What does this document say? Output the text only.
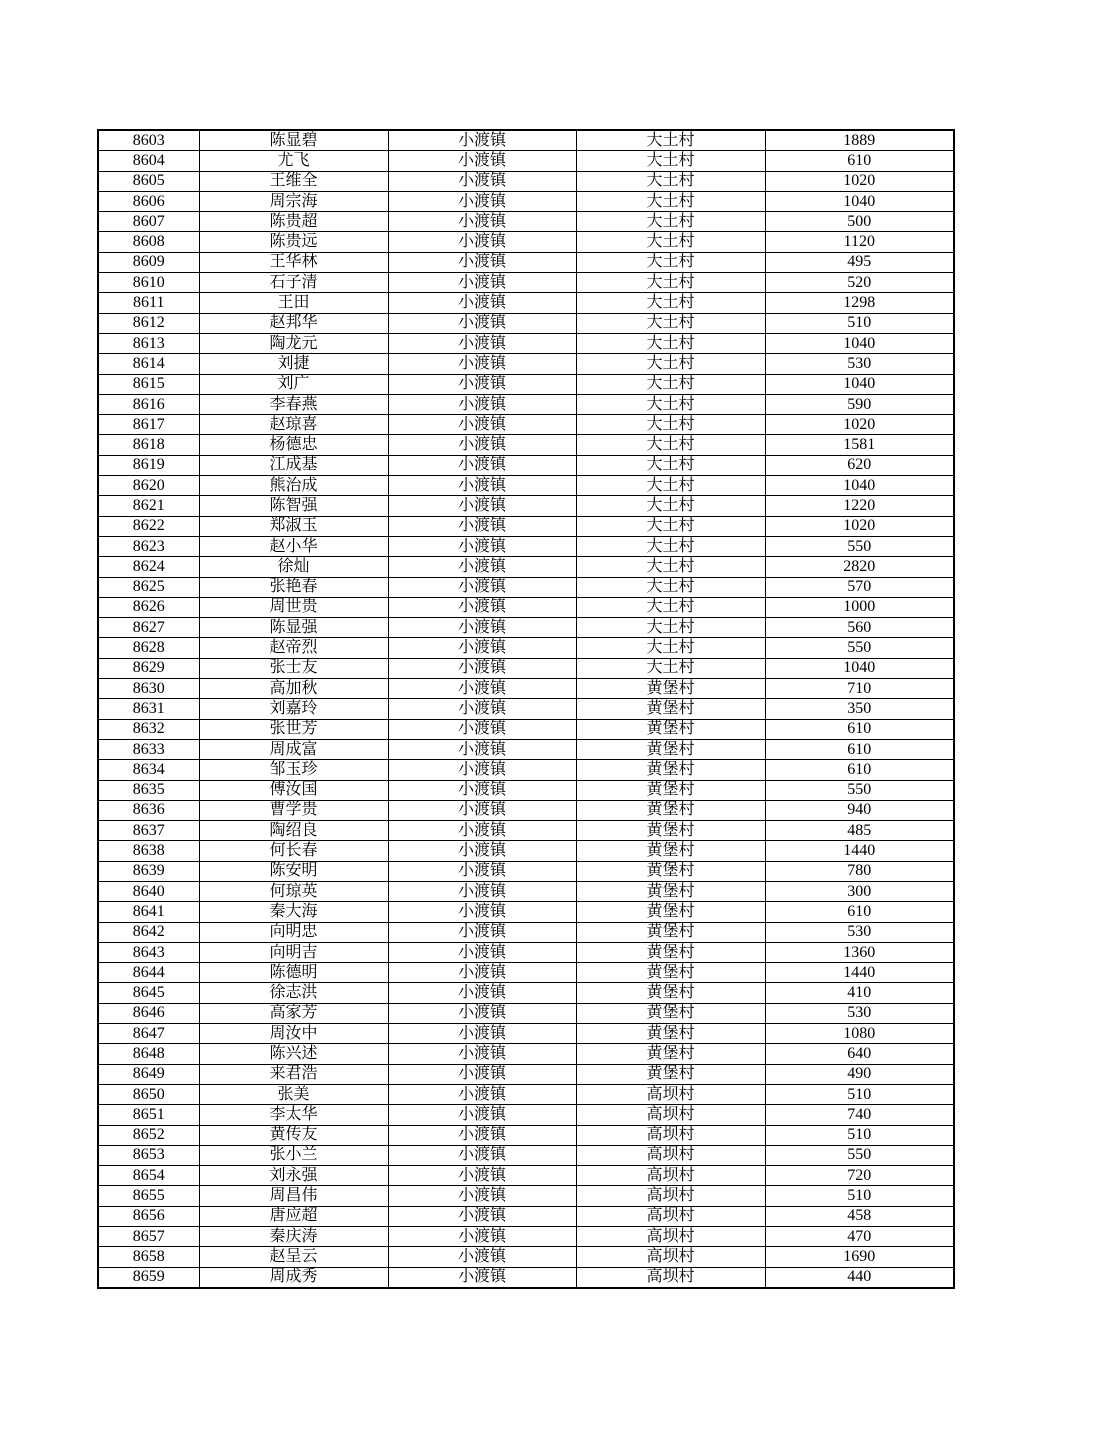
8603	陈显碧	小渡镇	大土村	1889
8604	尤飞	小渡镇	大土村	610
8605	王维全	小渡镇	大土村	1020
8606	周宗海	小渡镇	大土村	1040
8607	陈贵超	小渡镇	大土村	500
8608	陈贵远	小渡镇	大土村	1120
8609	王华林	小渡镇	大土村	495
8610	石子清	小渡镇	大土村	520
8611	王田	小渡镇	大土村	1298
8612	赵邦华	小渡镇	大土村	510
8613	陶龙元	小渡镇	大土村	1040
8614	刘捷	小渡镇	大土村	530
8615	刘广	小渡镇	大土村	1040
8616	李春燕	小渡镇	大土村	590
8617	赵琼喜	小渡镇	大土村	1020
8618	杨德忠	小渡镇	大土村	1581
8619	江成基	小渡镇	大土村	620
8620	熊治成	小渡镇	大土村	1040
8621	陈智强	小渡镇	大土村	1220
8622	郑淑玉	小渡镇	大土村	1020
8623	赵小华	小渡镇	大土村	550
8624	徐灿	小渡镇	大土村	2820
8625	张艳春	小渡镇	大土村	570
8626	周世贵	小渡镇	大土村	1000
8627	陈显强	小渡镇	大土村	560
8628	赵帝烈	小渡镇	大土村	550
8629	张士友	小渡镇	大土村	1040
8630	高加秋	小渡镇	黄堡村	710
8631	刘嘉玲	小渡镇	黄堡村	350
8632	张世芳	小渡镇	黄堡村	610
8633	周成富	小渡镇	黄堡村	610
8634	邹玉珍	小渡镇	黄堡村	610
8635	傅汝国	小渡镇	黄堡村	550
8636	曹学贵	小渡镇	黄堡村	940
8637	陶绍良	小渡镇	黄堡村	485
8638	何长春	小渡镇	黄堡村	1440
8639	陈安明	小渡镇	黄堡村	780
8640	何琼英	小渡镇	黄堡村	300
8641	秦大海	小渡镇	黄堡村	610
8642	向明忠	小渡镇	黄堡村	530
8643	向明吉	小渡镇	黄堡村	1360
8644	陈德明	小渡镇	黄堡村	1440
8645	徐志洪	小渡镇	黄堡村	410
8646	高家芳	小渡镇	黄堡村	530
8647	周汝中	小渡镇	黄堡村	1080
8648	陈兴述	小渡镇	黄堡村	640
8649	来君浩	小渡镇	黄堡村	490
8650	张美	小渡镇	高坝村	510
8651	李太华	小渡镇	高坝村	740
8652	黄传友	小渡镇	高坝村	510
8653	张小兰	小渡镇	高坝村	550
8654	刘永强	小渡镇	高坝村	720
8655	周昌伟	小渡镇	高坝村	510
8656	唐应超	小渡镇	高坝村	458
8657	秦庆涛	小渡镇	高坝村	470
8658	赵呈云	小渡镇	高坝村	1690
8659	周成秀	小渡镇	高坝村	440
